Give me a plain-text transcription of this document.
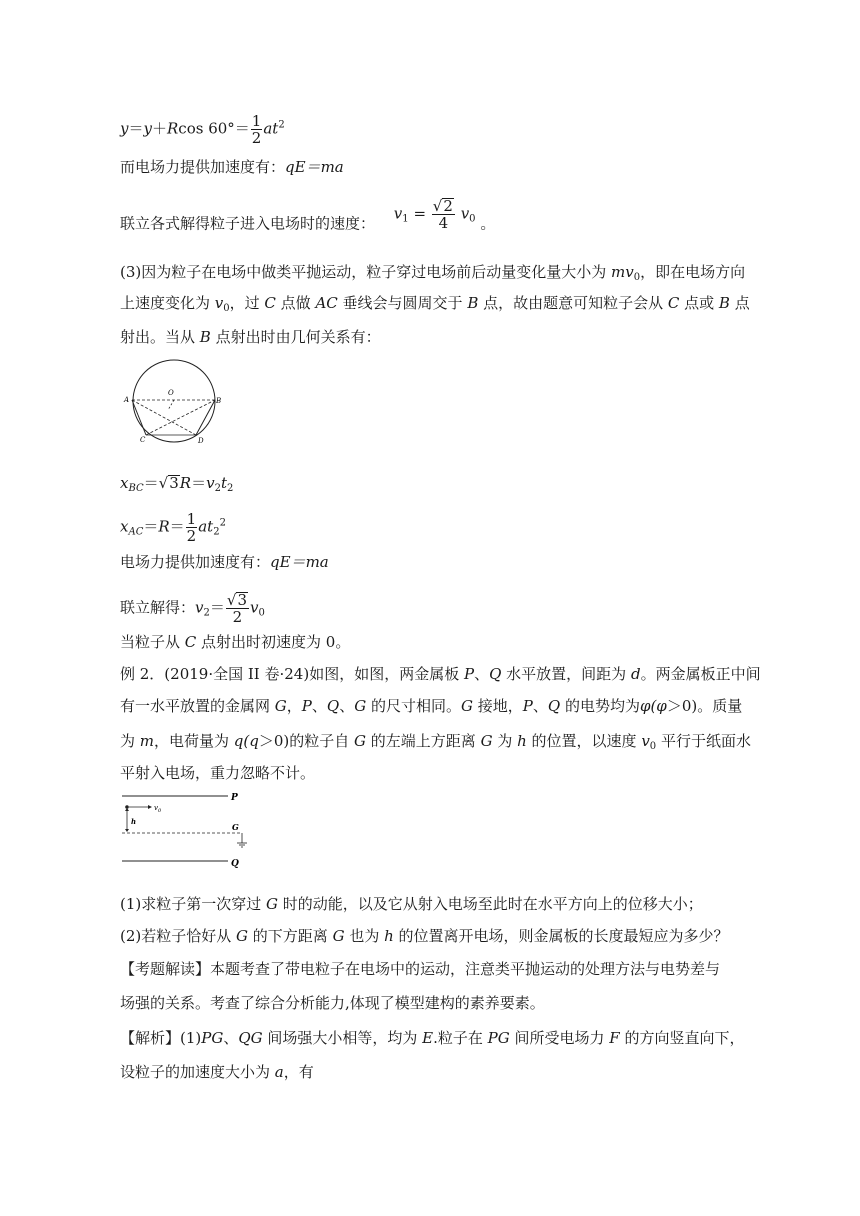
y＝y＋Rcos $60^\circ= \frac{1}{2} at^2$
而电场力提供加速度有：qE＝ma
联立各式解得粒子进入电场时的速度： $v_1 = \frac{√2}{4} v_0$ 。
(3)因为粒子在电场中做类平抛运动，粒子穿过电场前后动量变化量大小为 $mv_0$，即在电场方向
上速度变化为 $v_0$，过 C 点做 AC 垂线会与圆周交于 B 点，故由题意可知粒子会从 C 点或 B 点
射出。当从 B 点射出时由几何关系有：
A
O
B
C	D
$x_{BC}=√3R=v_2t_2$
$x_{AC}=R= \frac{1}{2} at_2^2$
电场力提供加速度有：qE＝ma
联立解得：$v_2= \frac{√3}{2} v_0$
当粒子从 C 点射出时初速度为 0。
例 2．(2019·全国 II 卷·24)如图，如图，两金属板 P、Q 水平放置，间距为 d。两金属板正中间
有一水平放置的金属网 G，P、Q、G 的尺寸相同。G 接地，P、Q 的电势均为φ(φ＞0)。质量
为 m，电荷量为 q(q＞0)的粒子自 G 的左端上方距离 G 为 h 的位置，以速度 $v_0$ 平行于纸面水
平射入电场，重力忽略不计。
P
$v_0$
h
G
Q
(1)求粒子第一次穿过 G 时的动能，以及它从射入电场至此时在水平方向上的位移大小；
(2)若粒子恰好从 G 的下方距离 G 也为 h 的位置离开电场，则金属板的长度最短应为多少？
【考题解读】本题考查了带电粒子在电场中的运动，注意类平抛运动的处理方法与电势差与
场强的关系。考查了综合分析能力,体现了模型建构的素养要素。
【解析】(1)PG、QG 间场强大小相等，均为 E.粒子在 PG 间所受电场力 F 的方向竖直向下，
设粒子的加速度大小为 a，有
